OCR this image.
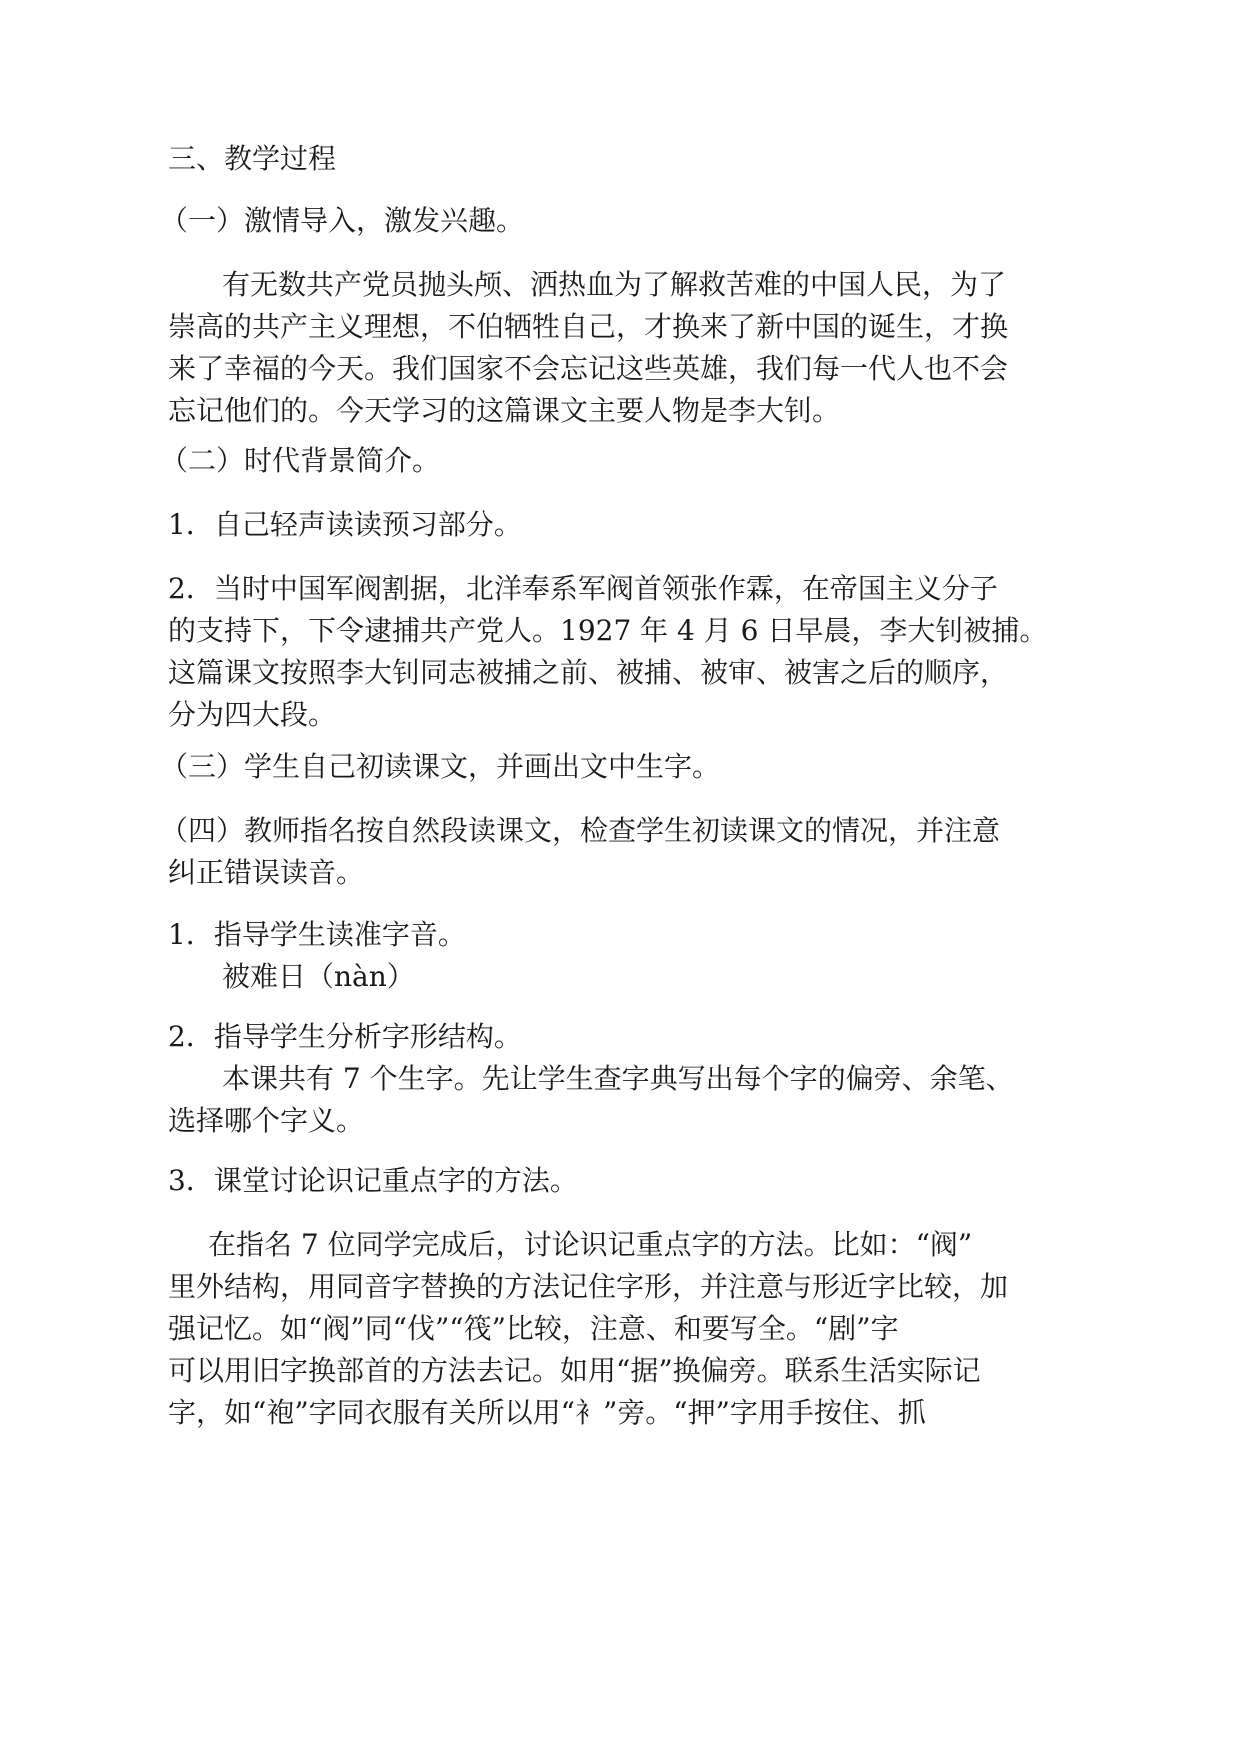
三、教学过程

（一）激情导入，激发兴趣。

有无数共产党员抛头颅、洒热血为了解救苦难的中国人民，为了
崇高的共产主义理想，不伯牺牲自己，才换来了新中国的诞生，才换
来了幸福的今天。我们国家不会忘记这些英雄，我们每一代人也不会
忘记他们的。今天学习的这篇课文主要人物是李大钊。

（二）时代背景简介。

1．自己轻声读读预习部分。

2．当时中国军阀割据，北洋奉系军阀首领张作霖，在帝国主义分子
的支持下，下令逮捕共产党人。1927 年 4 月 6 日早晨，李大钊被捕。
这篇课文按照李大钊同志被捕之前、被捕、被审、被害之后的顺序，
分为四大段。

（三）学生自己初读课文，并画出文中生字。

（四）教师指名按自然段读课文，检查学生初读课文的情况，并注意
纠正错误读音。
1．指导学生读准字音。
被难日（nàn）
2．指导学生分析字形结构。
本课共有 7 个生字。先让学生查字典写出每个字的偏旁、余笔、
选择哪个字义。

3．课堂讨论识记重点字的方法。

在指名 7 位同学完成后，讨论识记重点字的方法。比如：“阀”
里外结构，用同音字替换的方法记住字形，并注意与形近字比较，加
强记忆。如“阀”同“伐”“筏”比较，注意、和要写全。“剧”字
可以用旧字换部首的方法去记。如用“据”换偏旁。联系生活实际记
字，如“袍”字同衣服有关所以用“衤”旁。“押”字用手按住、抓
